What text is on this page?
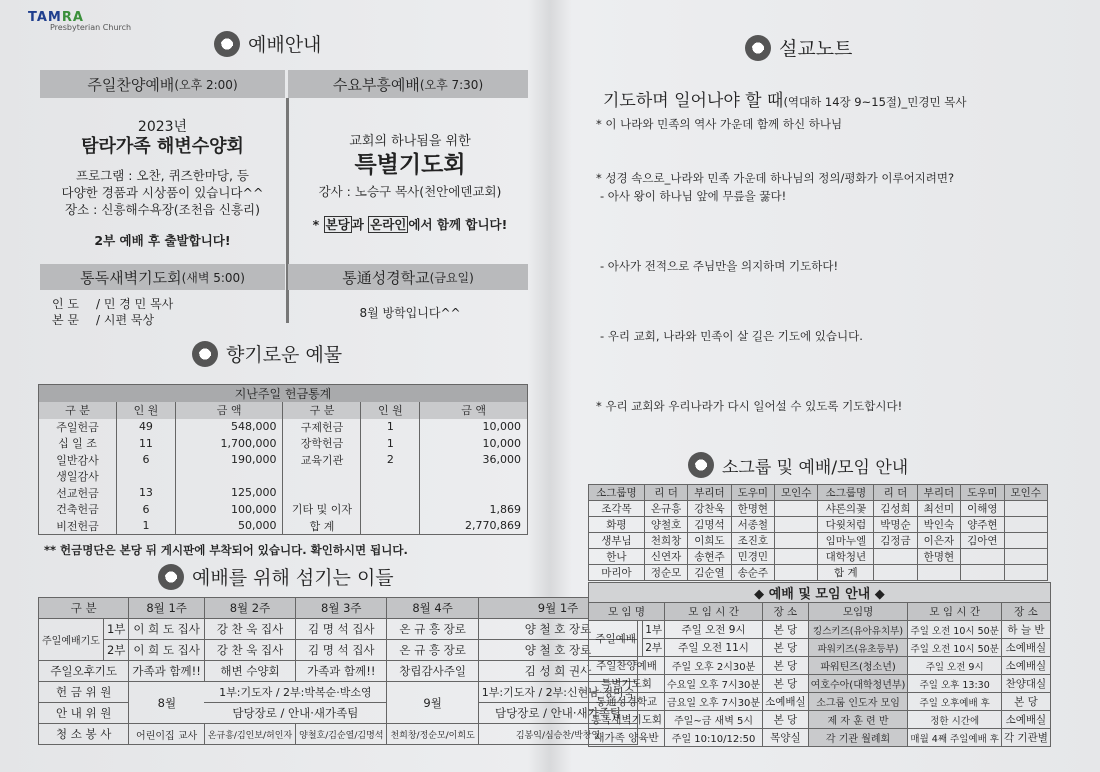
TAMRA
Presbyterian Church
예배안내
주일찬양예배 (오후 2:00)	수요부흥예배 (오후 7:30)
2023년
탐라가족 해변수양회
프로그램 : 오찬, 퀴즈한마당, 등
다양한 경품과 시상품이 있습니다^^
장소 : 신흥해수욕장(조천읍 신흥리)
2부 예배 후 출발합니다!
교회의 하나됨을 위한
특별기도회
강사 : 노승구 목사(천안에덴교회)
* 본당 과 온라인 에서 함께 합니다!
통독새벽기도회 (새벽 5:00)	통通성경학교 (금요일)
인 도 / 민 경 민 목사
본 문 / 시편 묵상	8월 방학입니다^^
향기로운 예물
지난주일 헌금통계					
구 분	인 원	금 액	구 분	인 원	금 액
주일헌금	49	548,000	구제헌금	1	10,000
십 일 조	11	1,700,000	장학헌금	1	10,000
일반감사	6	190,000	교육기관	2	36,000
생일감사					
선교헌금	13	125,000			
건축헌금	6	100,000	기타 및 이자		1,869
비전헌금	1	50,000	합 계		2,770,869
** 헌금명단은 본당 뒤 게시판에 부착되어 있습니다. 확인하시면 됩니다.
예배를 위해 섬기는 이들
구 분		8월 1주	8월 2주	8월 3주	8월 4주	9월 1주
주일예배기도	1부	이 희 도 집사	강 찬 욱 집사	김 명 석 집사	온 규 흥 장로	양 철 호 장로
	2부	이 희 도 집사	강 찬 욱 집사	김 명 석 집사	온 규 흥 장로	양 철 호 장로
주일오후기도		가족과 함께!!	해변 수양회	가족과 함께!!	창립감사주일	김 성 희 권사
헌 금 위 원		8월	1부:기도자 / 2부:박복순·박소영		9월	1부:기도자 / 2부:신현남·정미숙
안 내 위 원			담당장로 / 안내·새가족팀			담당장로 / 안내·새가족팀
청 소 봉 사		어린이집 교사	온규흥/김인보/허인자	양철호/김순열/김명석	천희창/정순모/이희도	김봉익/심승찬/박창영
설교노트
기도하며 일어나야 할 때(역대하 14장 9~15절)_민경민 목사
* 이 나라와 민족의 역사 가운데 함께 하신 하나님
* 성경 속으로_나라와 민족 가운데 하나님의 정의/평화가 이루어지려면?
- 아사 왕이 하나님 앞에 무릎을 꿇다!
- 아사가 전적으로 주님만을 의지하며 기도하다!
- 우리 교회, 나라와 민족이 살 길은 기도에 있습니다.
* 우리 교회와 우리나라가 다시 일어설 수 있도록 기도합시다!
소그룹 및 예배/모임 안내
소그룹명	리 더	부리더	도우미	모인수	소그룹명	리 더	부리더	도우미	모인수
조각목	온규흥	강찬욱	한명현		샤론의꽃	김성희	최선미	이해영	
화평	양철호	김명석	서종철		다윗처럼	박명순	박인숙	양주현	
생부님	천희창	이희도	조진호		임마누엘	김정금	이은자	김아연	
한나	신연자	송현주	민경민		대학청년		한명현		
마리아	정순모	김순열	송순주		합 계				
◆ 예배 및 모임 안내 ◆						
모 임 명		모 임 시 간	장 소	모임명	모 임 시 간	장 소
주일예배	1부	주일 오전 9시	본 당	킹스키즈(유아유치부)	주일 오전 10시 50분	하 늘 반
	2부	주일 오전 11시	본 당	파워키즈(유초등부)	주일 오전 10시 50분	소예배실
주일찬양예배		주일 오후 2시30분	본 당	파워틴즈(청소년)	주일 오전 9시	소예배실
특별기도회		수요일 오후 7시30분	본 당	여호수아(대학청년부)	주일 오후 13:30	찬양대실
통通성경학교		금요일 오후 7시30분	소예배실	소그룹 인도자 모임	주일 오후예배 후	본 당
통독새벽기도회		주일~금 새벽 5시	본 당	제 자 훈 련 반	정한 시간에	소예배실
새가족 양육반		주일 10:10/12:50	목양실	각 기관 월례회	매월 4째 주일예배 후	각 기관별
